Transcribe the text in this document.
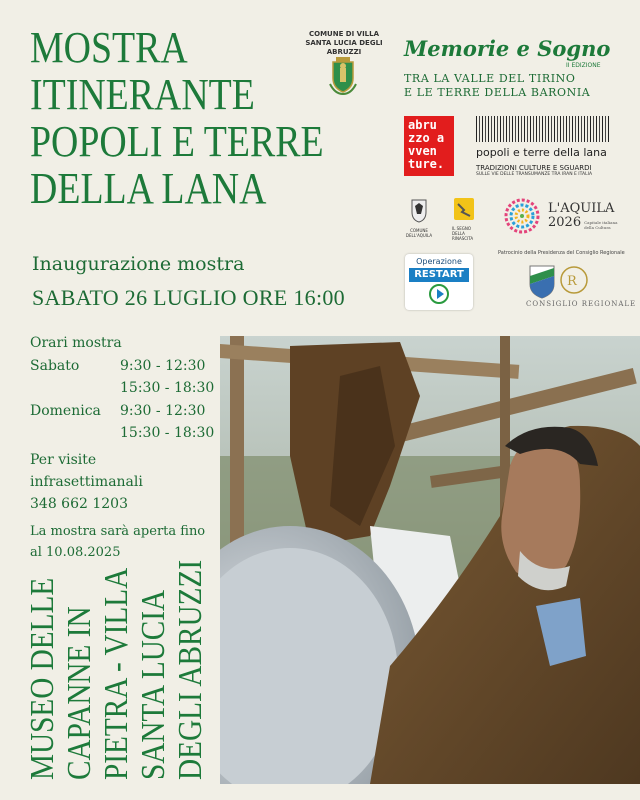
MOSTRA
ITINERANTE
POPOLI E TERRE
DELLA LANA
COMUNE DI VILLA SANTA LUCIA DEGLI ABRUZZI	Memorie e Sogno
II EDIZIONE
TRA LA VALLE DEL TIRINO
E LE TERRE DELLA BARONIA
abru
zzo a
vven
ture.
popoli e terre della lana
TRADIZIONI CULTURE E SGUARDI
SULLE VIE DELLE TRANSUMANZE TRA IRAN E ITALIA
COMUNE DELL'AQUILA
IL SEGNO DELLA RINASCITA
L'AQUILA
2026 Capitale italiana della Cultura
Operazione
RESTART
Patrocinio della Presidenza del Consiglio Regionale
R
CONSIGLIO REGIONALE
Inaugurazione mostra
SABATO 26 LUGLIO ORE 16:00
Orari mostra
Sabato	9:30 - 12:30
15:30 - 18:30
Domenica	9:30 - 12:30
15:30 - 18:30
Per visite
infrasettimanali
348 662 1203
La mostra sarà aperta fino
al 10.08.2025
MUSEO DELLE CAPANNE IN PIETRA - VILLA SANTA LUCIA DEGLI ABRUZZI
